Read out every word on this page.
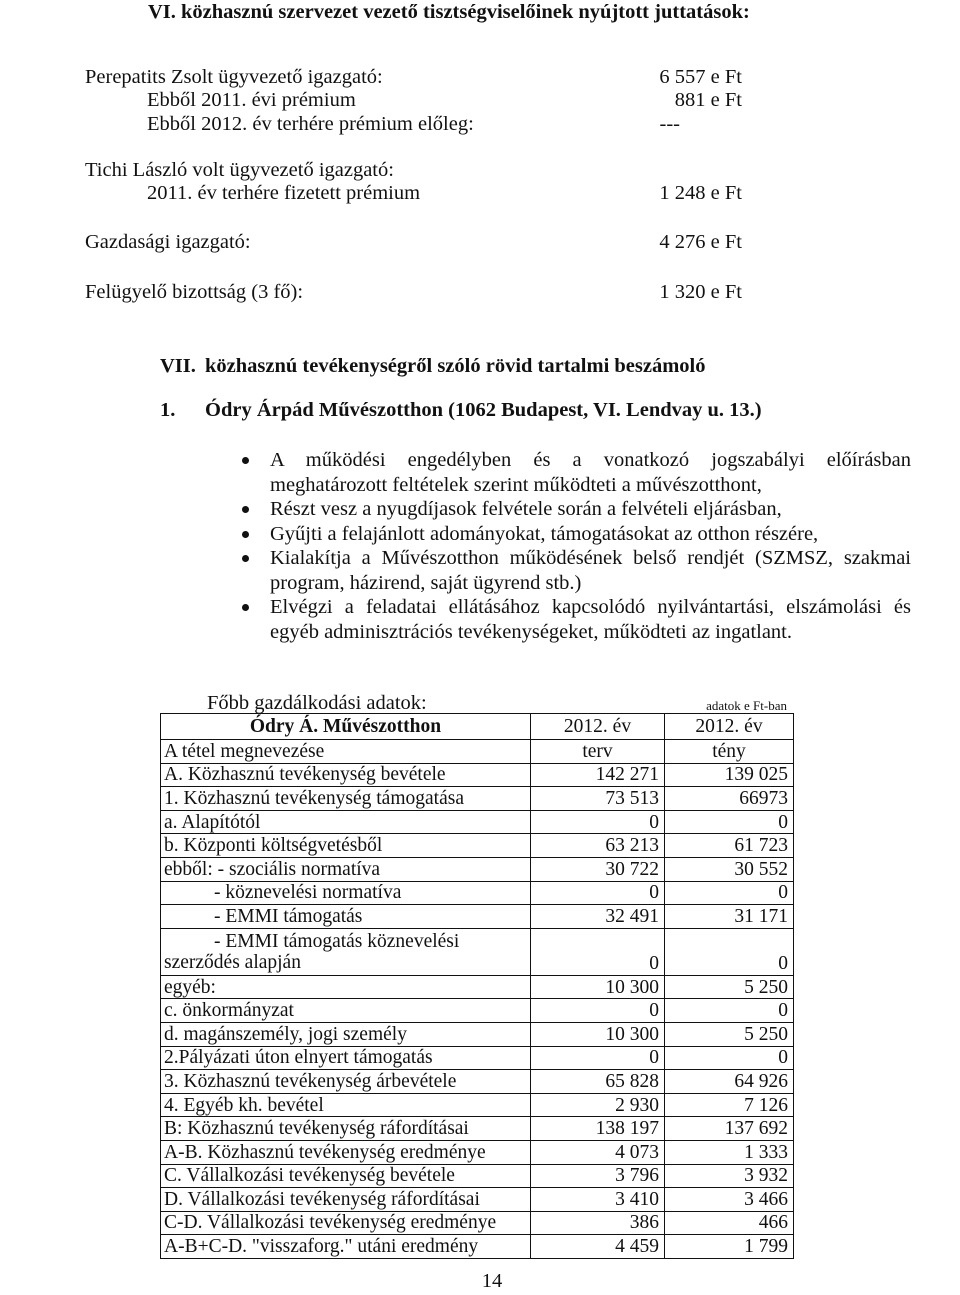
VI. közhasznú szervezet vezető tisztségviselőinek nyújtott juttatások:
Perepatits Zsolt ügyvezető igazgató:	6 557 e Ft
Ebből 2011. évi prémium	881 e Ft
Ebből 2012. év terhére prémium előleg:	---
Tichi László volt ügyvezető igazgató:
2011. év terhére fizetett prémium	1 248 e Ft
Gazdasági igazgató:	4 276 e Ft
Felügyelő bizottság (3 fő):	1 320 e Ft
VII. közhasznú tevékenységről szóló rövid tartalmi beszámoló
1. Ódry Árpád Művészotthon (1062 Budapest, VI. Lendvay u. 13.)
A működési engedélyben és a vonatkozó jogszabályi előírásban
meghatározott feltételek szerint működteti a művészotthont,
Részt vesz a nyugdíjasok felvétele során a felvételi eljárásban,
Gyűjti a felajánlott adományokat, támogatásokat az otthon részére,
Kialakítja a Művészotthon működésének belső rendjét (SZMSZ, szakmai
program, házirend, saját ügyrend stb.)
Elvégzi a feladatai ellátásához kapcsolódó nyilvántartási, elszámolási és
egyéb adminisztrációs tevékenységeket, működteti az ingatlant.
Főbb gazdálkodási adatok:	adatok e Ft-ban
Ódry Á. Művészotthon	2012. év	2012. év
A tétel megnevezése	terv	tény
A. Közhasznú tevékenység bevétele	142 271	139 025
1. Közhasznú tevékenység támogatása	73 513	66973
a. Alapítótól	0	0
b. Központi költségvetésből	63 213	61 723
ebből: - szociális normatíva	30 722	30 552
- köznevelési normatíva	0	0
- EMMI támogatás	32 491	31 171

- EMMI támogatás köznevelési
szerződés alapján	0	0
egyéb:	10 300	5 250
c. önkormányzat	0	0
d. magánszemély, jogi személy	10 300	5 250
2.Pályázati úton elnyert támogatás	0	0
3. Közhasznú tevékenység árbevétele	65 828	64 926
4. Egyéb kh. bevétel	2 930	7 126
B: Közhasznú tevékenység ráfordításai	138 197	137 692
A-B. Közhasznú tevékenység eredménye	4 073	1 333
C. Vállalkozási tevékenység bevétele	3 796	3 932
D. Vállalkozási tevékenység ráfordításai	3 410	3 466
C-D. Vállalkozási tevékenység eredménye	386	466
A-B+C-D. "visszaforg." utáni eredmény	4 459	1 799
14
